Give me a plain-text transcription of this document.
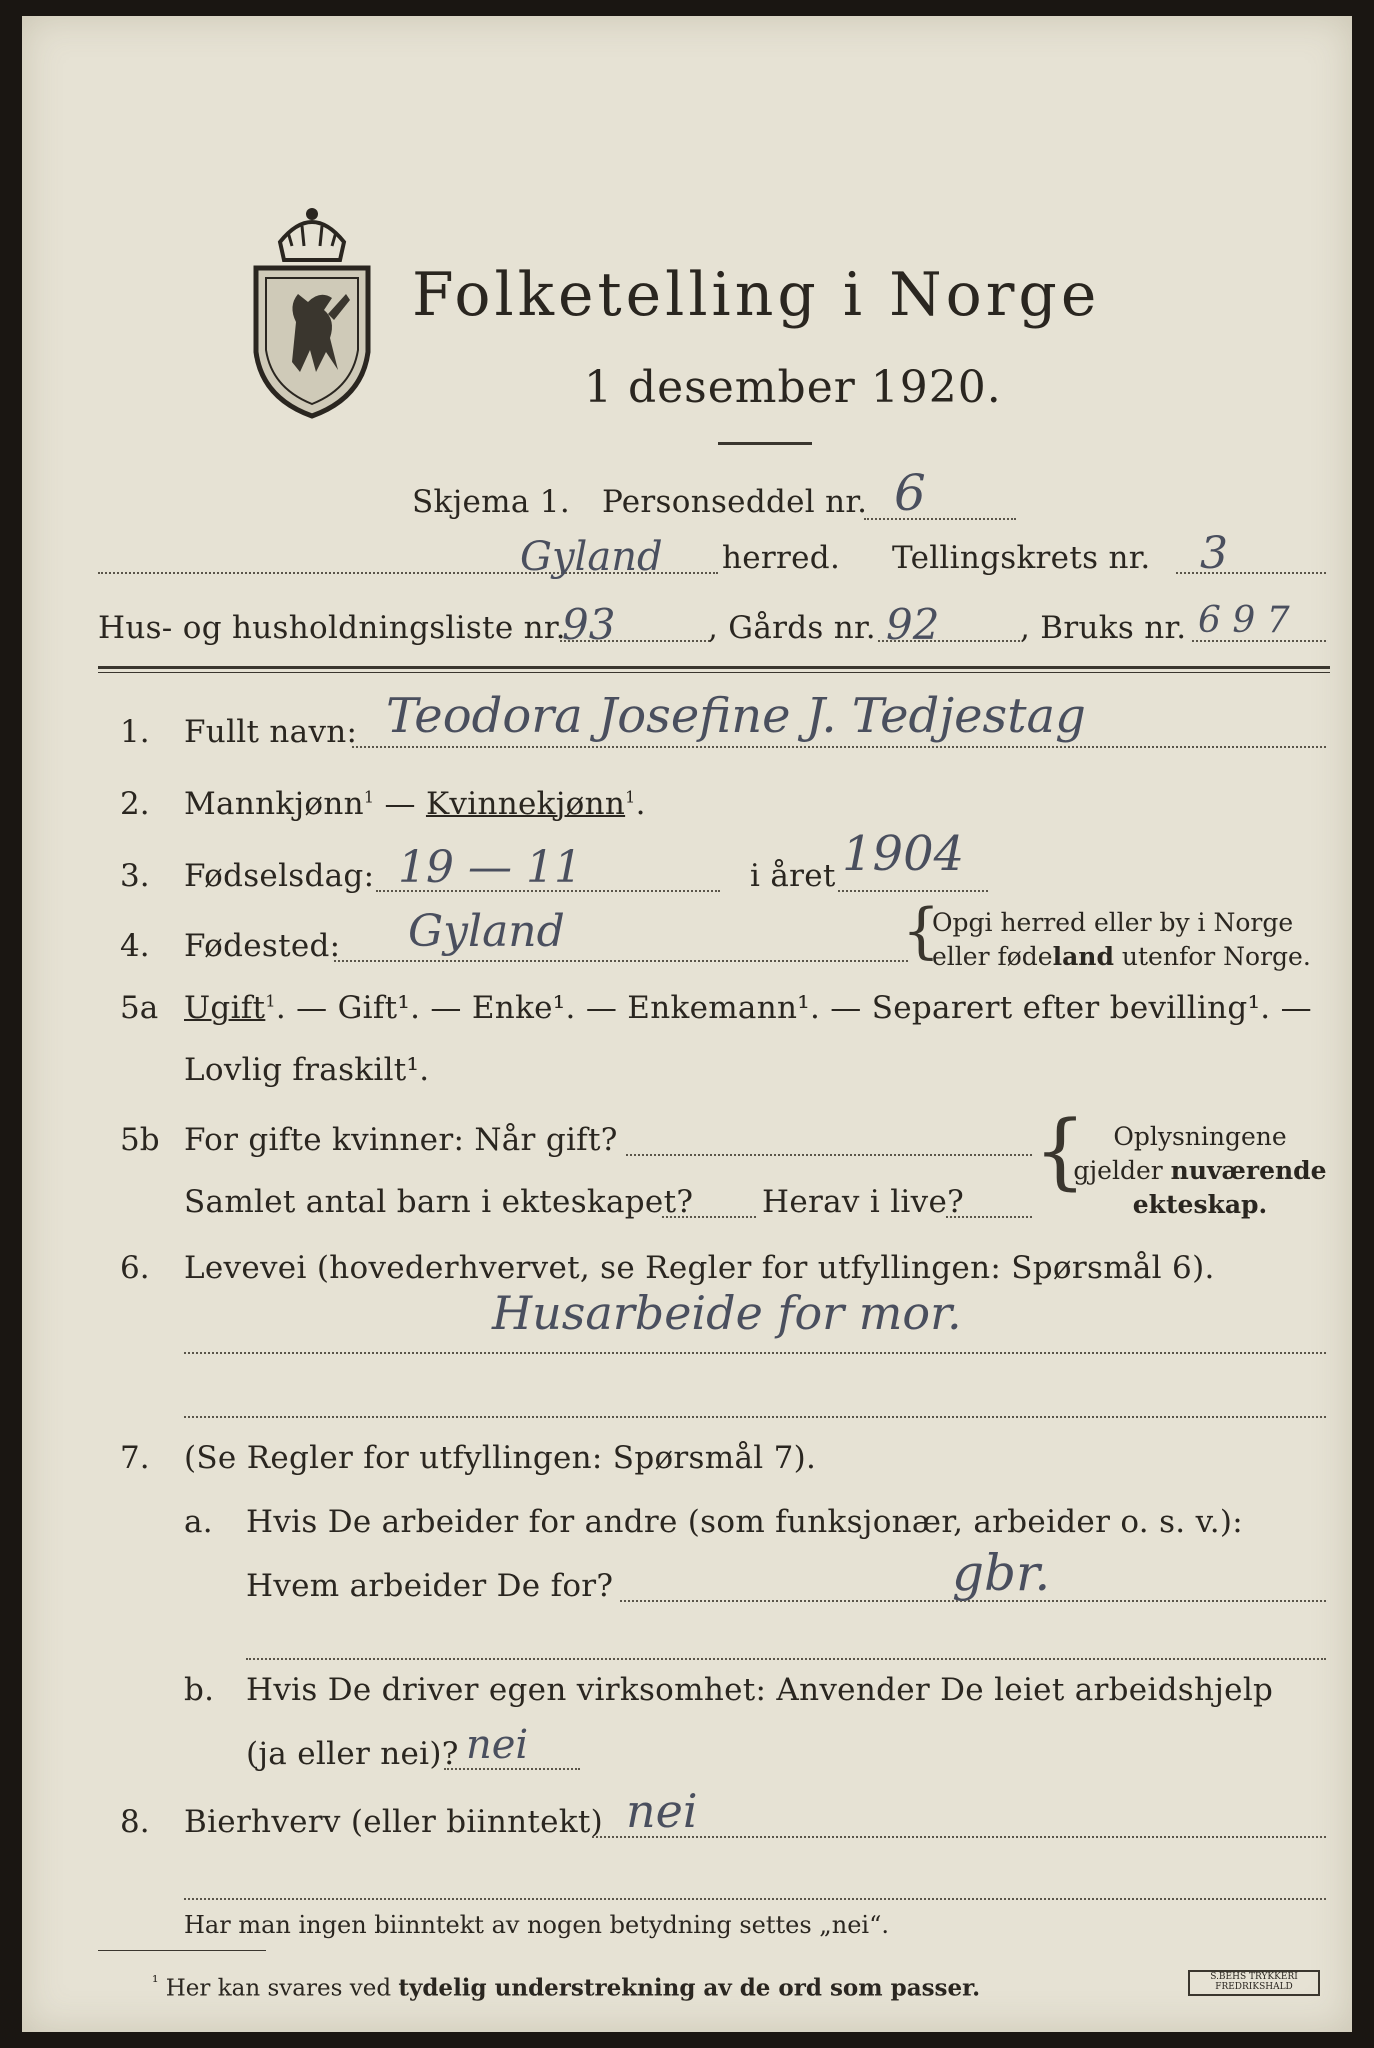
Folketelling i Norge
1 desember 1920.
Skjema 1. Personseddel nr. 6
Gyland herred. Tellingskrets nr. 3
Hus- og husholdningsliste nr.
93	, Gårds nr. 92	, Bruks nr. 6 9 7
1. Fullt navn: Teodora Josefine J. Tedjestag
2. Mannkjønn$^1$ — Kvinnekjønn$^1$.
3. Fødselsdag: 19 — 11	i året 1904
4. Fødested: Gyland	{
Opgi herred eller by i Norge
eller fødeland utenfor Norge.
5a Ugift$^1$. — Gift¹. — Enke¹. — Enkemann¹. — Separert efter bevilling¹. —
Lovlig fraskilt¹.
5b For gifte kvinner: Når gift?
Samlet antal barn i ekteskapet? Herav i live?
{	Oplysningene
gjelder nuværende
ekteskap.
6. Levevei (hovederhvervet, se Regler for utfyllingen: Spørsmål 6).
Husarbeide for mor.
7. (Se Regler for utfyllingen: Spørsmål 7).
a. Hvis De arbeider for andre (som funksjonær, arbeider o. s. v.):
Hvem arbeider De for?	gbr.
b. Hvis De driver egen virksomhet: Anvender De leiet arbeidshjelp
(ja eller nei)? nei
8. Bierhverv (eller biinntekt) nei
Har man ingen biinntekt av nogen betydning settes „nei“.
$^{^1}$ Her kan svares ved tydelig understrekning av de ord som passer.	S.BEHS TRYKKERI FREDRIKSHALD
